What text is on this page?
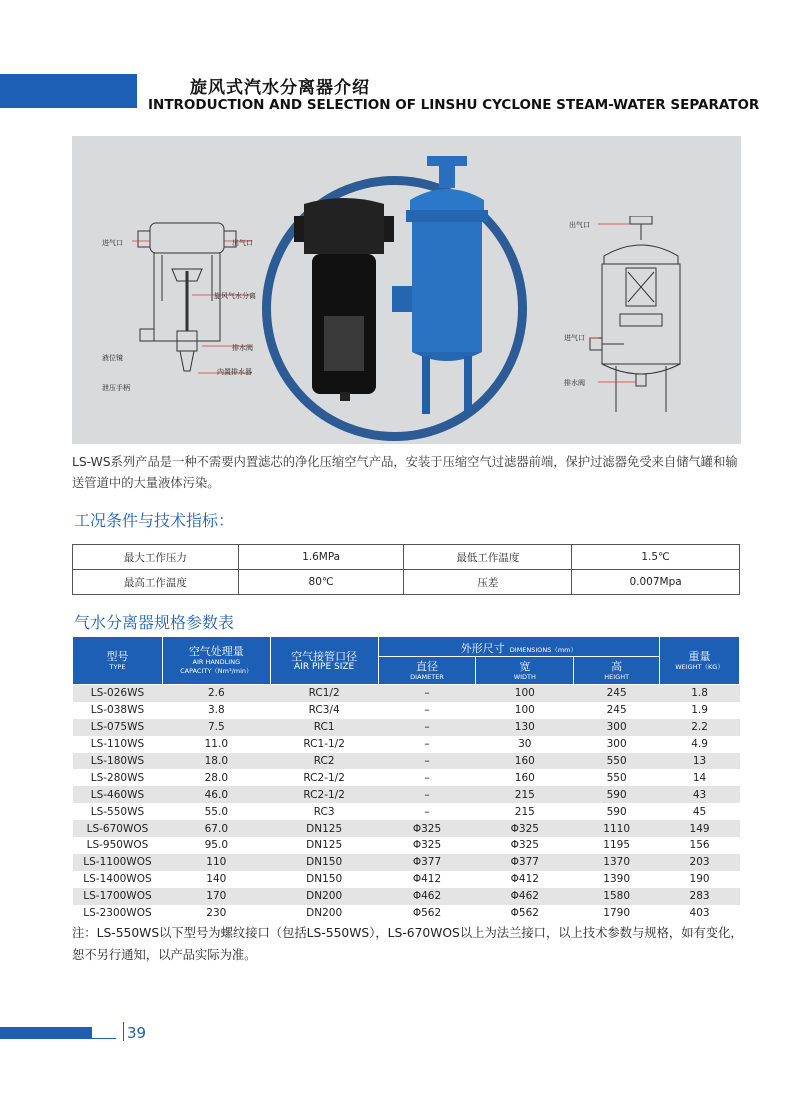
旋风式汽水分离器介绍
INTRODUCTION AND SELECTION OF LINSHU CYCLONE STEAM-WATER SEPARATOR
进气口	出气口
旋风气水分离
排水阀
液位镜
内置排水器
泄压手柄
出气口
进气口
排水阀
LS-WS系列产品是一种不需要内置滤芯的净化压缩空气产品，安装于压缩空气过滤器前端，保护过滤器免受来自储气罐和输送管道中的大量液体污染。
工况条件与技术指标：
最大工作压力	1.6MPa	最低工作温度	1.5℃
最高工作温度	80℃	压差	0.007Mpa
气水分离器规格参数表
型号
TYPE	空气处理量
AIR HANDLING
CAPACITY（Nm³/min）	空气接管口径
AIR PIPE SIZE	外形尺寸 DIMENSIONS（mm）			重量
WEIGHT（KG）

			直径
DIAMETER	宽
WIDTH	高
HEIGHT	

LS-026WS	2.6	RC1/2	–	100	245	1.8
LS-038WS	3.8	RC3/4	–	100	245	1.9
LS-075WS	7.5	RC1	–	130	300	2.2
LS-110WS	11.0	RC1-1/2	–	30	300	4.9
LS-180WS	18.0	RC2	–	160	550	13
LS-280WS	28.0	RC2-1/2	–	160	550	14
LS-460WS	46.0	RC2-1/2	–	215	590	43
LS-550WS	55.0	RC3	–	215	590	45
LS-670WOS	67.0	DN125	Φ325	Φ325	1110	149
LS-950WOS	95.0	DN125	Φ325	Φ325	1195	156
LS-1100WOS	110	DN150	Φ377	Φ377	1370	203
LS-1400WOS	140	DN150	Φ412	Φ412	1390	190
LS-1700WOS	170	DN200	Φ462	Φ462	1580	283
LS-2300WOS	230	DN200	Φ562	Φ562	1790	403
注：LS-550WS以下型号为螺纹接口（包括LS-550WS），LS-670WOS以上为法兰接口，以上技术参数与规格，如有变化，恕不另行通知，以产品实际为准。
39
